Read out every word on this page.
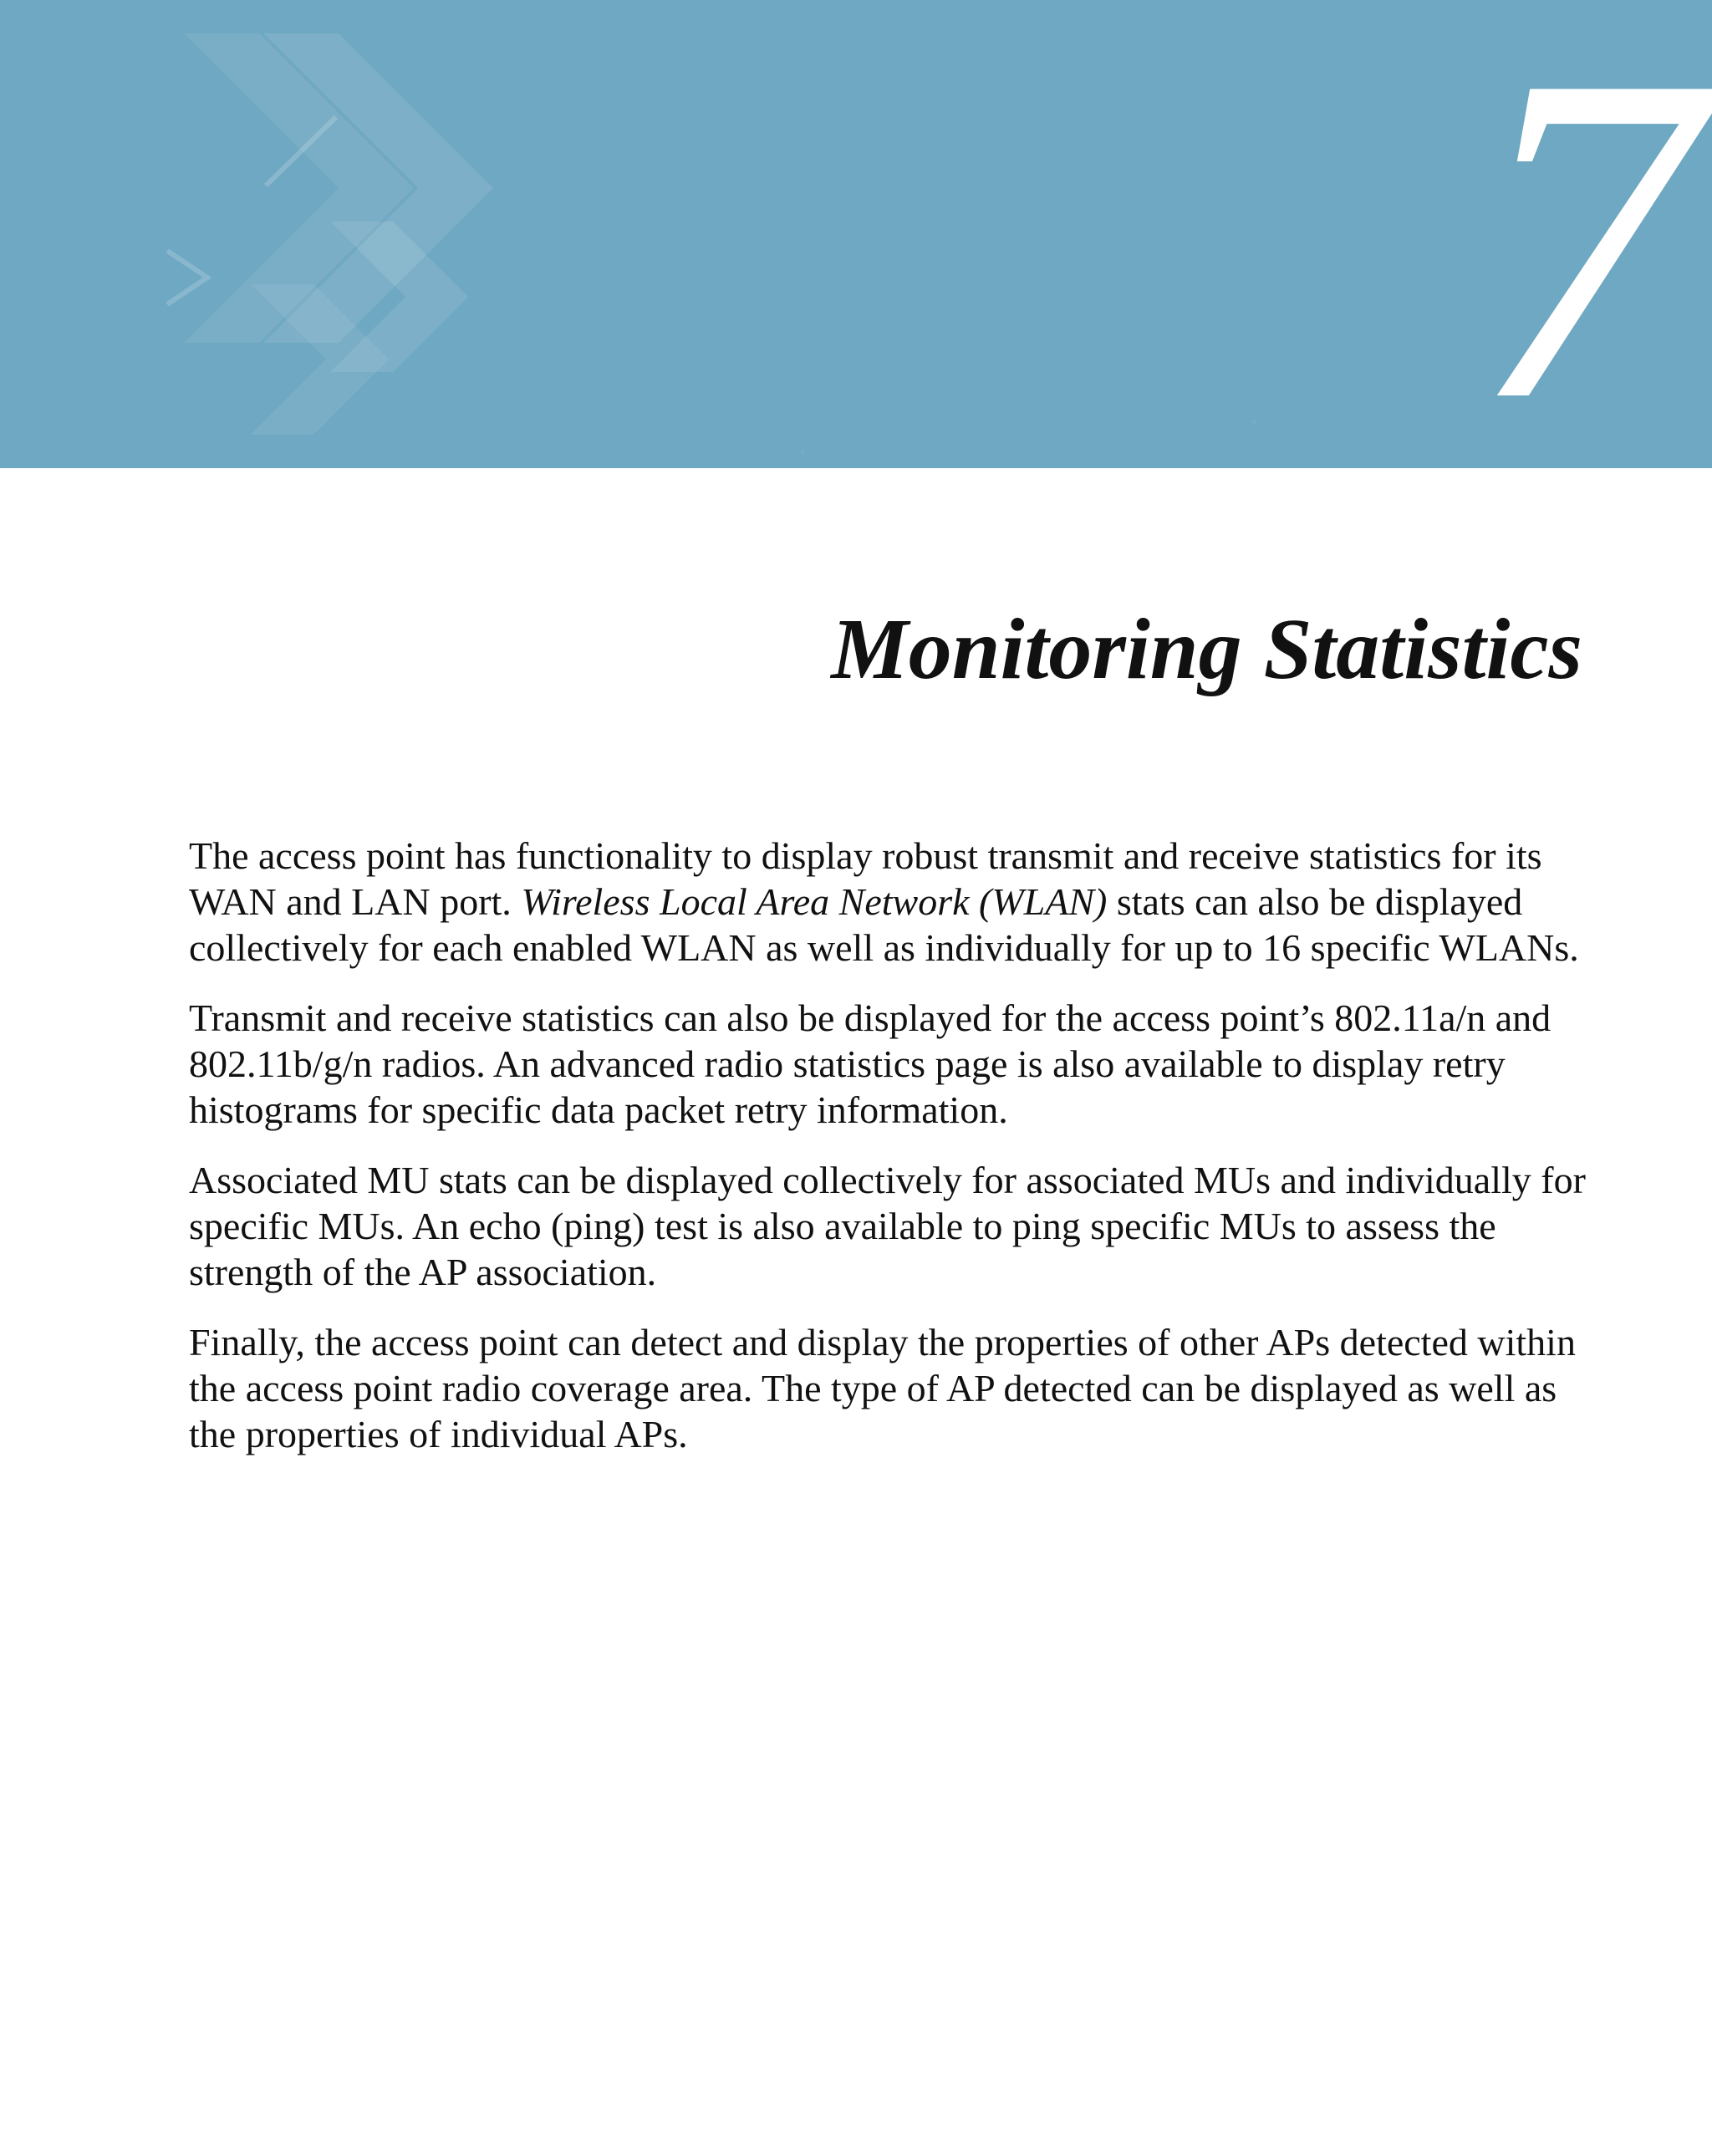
7
Monitoring Statistics

The access point has functionality to display robust transmit and receive statistics for its WAN and LAN port. Wireless Local Area Network (WLAN) stats can also be displayed collectively for each enabled WLAN as well as individually for up to 16 specific WLANs.

Transmit and receive statistics can also be displayed for the access point’s 802.11a/n and 802.11b/g/n radios. An advanced radio statistics page is also available to display retry histograms for specific data packet retry information.

Associated MU stats can be displayed collectively for associated MUs and individually for specific MUs. An echo (ping) test is also available to ping specific MUs to assess the strength of the AP association.

Finally, the access point can detect and display the properties of other APs detected within the access point radio coverage area. The type of AP detected can be displayed as well as the properties of individual APs.
